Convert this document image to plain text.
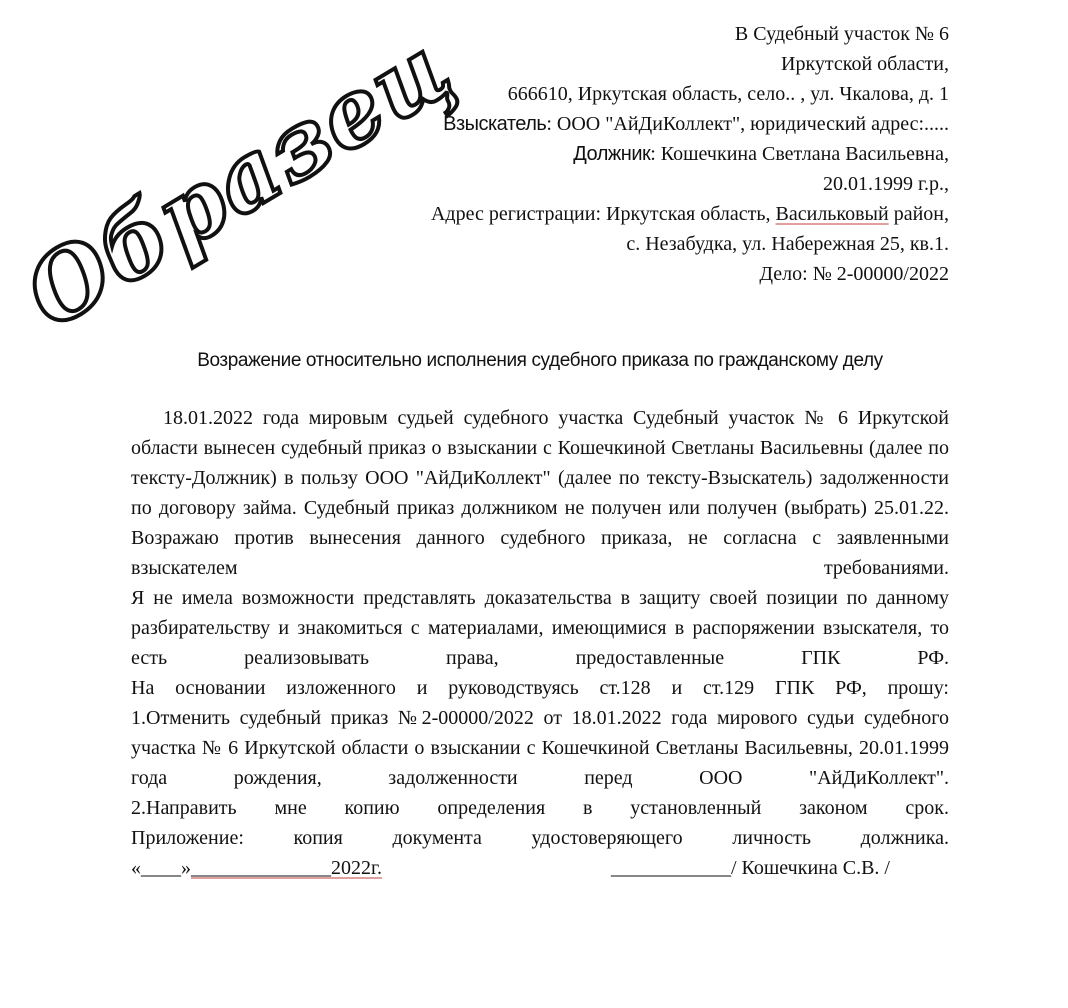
Образец	В Судебный участок № 6
Иркутской области,
666610, Иркутская область, село.. , ул. Чкалова, д. 1
Взыскатель: ООО "АйДиКоллект", юридический адрес:.....
Должник: Кошечкина Светлана Васильевна,
20.01.1999 г.р.,
Адрес регистрации: Иркутская область, Васильковый район,
с. Незабудка, ул. Набережная 25, кв.1.
Дело: № 2-00000/2022
Возражение относительно исполнения судебного приказа по гражданскому делу

18.01.2022 года мировым судьей судебного участка Судебный участок № 6 Иркутской области вынесен судебный приказ о взыскании с Кошечкиной Светланы Васильевны (далее по тексту-Должник) в пользу ООО "АйДиКоллект" (далее по тексту-Взыскатель) задолженности по договору займа. Судебный приказ должником не получен или получен (выбрать) 25.01.22. Возражаю против вынесения данного судебного приказа, не согласна с заявленными взыскателем требованиями.

Я не имела возможности представлять доказательства в защиту своей позиции по данному разбирательству и знакомиться с материалами, имеющимися в распоряжении взыскателя, то есть реализовывать права, предоставленные ГПК РФ.

На основании изложенного и руководствуясь ст.128 и ст.129 ГПК РФ, прошу:

1.Отменить судебный приказ №2-00000/2022 от 18.01.2022 года мирового судьи судебного участка № 6 Иркутской области о взыскании с Кошечкиной Светланы Васильевны, 20.01.1999 года рождения, задолженности перед ООО "АйДиКоллект".

2.Направить мне копию определения в установленный законом срок.

Приложение: копия документа удостоверяющего личность должника.

«____»______________2022г.	____________/ Кошечкина С.В. /
